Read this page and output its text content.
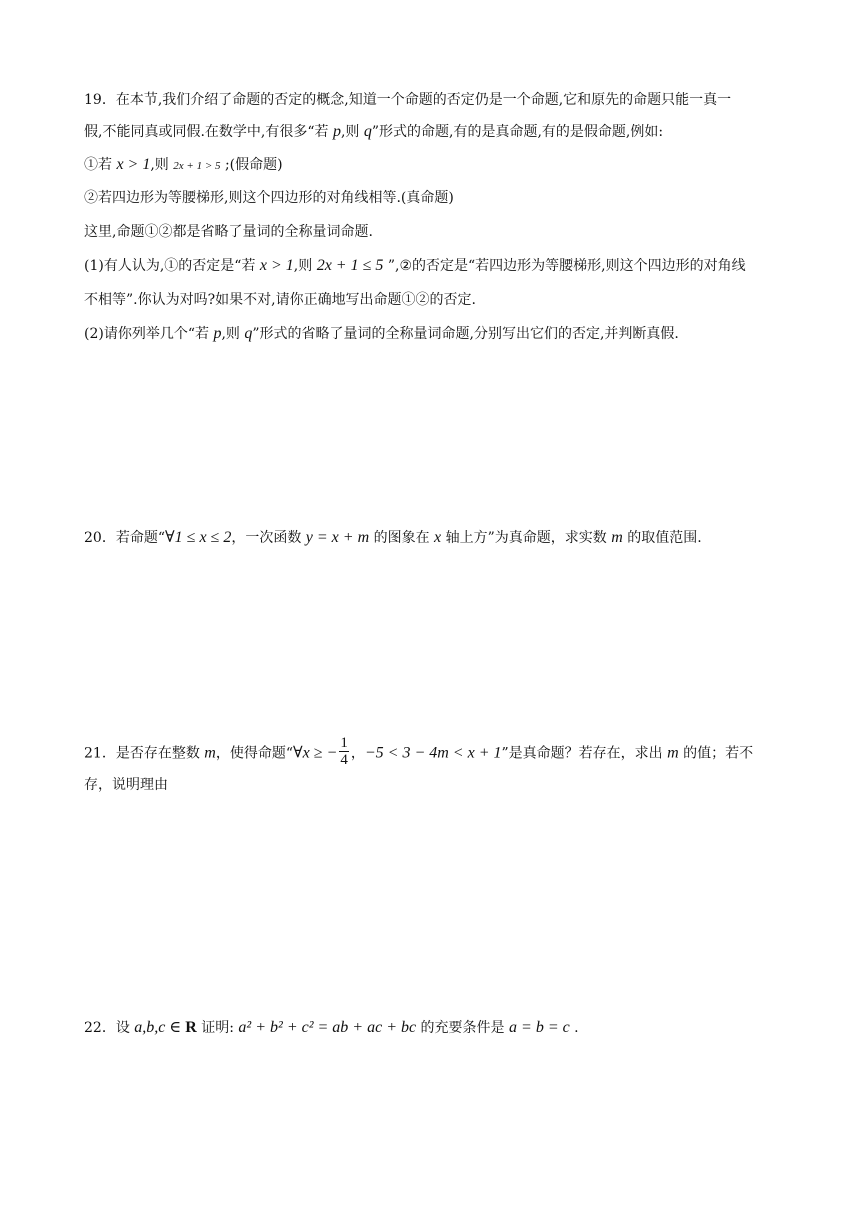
19．在本节,我们介绍了命题的否定的概念,知道一个命题的否定仍是一个命题,它和原先的命题只能一真一

假,不能同真或同假.在数学中,有很多“若 p,则 q”形式的命题,有的是真命题,有的是假命题,例如:

①若 x > 1,则 2x + 1 > 5 ;(假命题)

②若四边形为等腰梯形,则这个四边形的对角线相等.(真命题)

这里,命题①②都是省略了量词的全称量词命题.

(1)有人认为,①的否定是“若 x > 1,则 2x + 1 ≤ 5 ”,②的否定是“若四边形为等腰梯形,则这个四边形的对角线

不相等”.你认为对吗?如果不对,请你正确地写出命题①②的否定.

(2)请你列举几个“若 p,则 q”形式的省略了量词的全称量词命题,分别写出它们的否定,并判断真假.

20．若命题“∀1 ≤ x ≤ 2，一次函数 y = x + m 的图象在 x 轴上方”为真命题，求实数 m 的取值范围.

21．是否存在整数 m，使得命题“∀x ≥ − $\frac{1}{4}$ ，−5 < 3 − 4m < x + 1”是真命题？若存在，求出 m 的值；若不

存，说明理由

22．设 a,b,c ∈ R 证明: a² + b² + c² = ab + ac + bc 的充要条件是 a = b = c .
